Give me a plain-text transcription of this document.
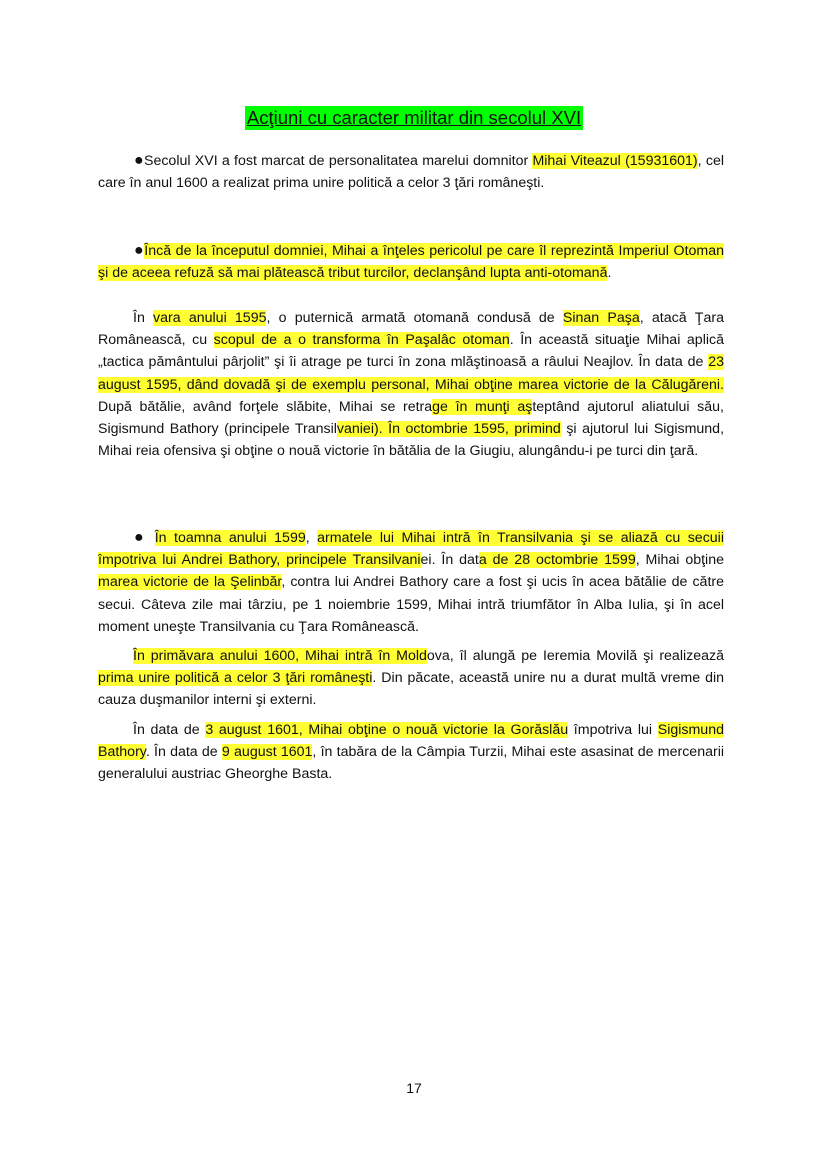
Acţiuni cu caracter militar din secolul XVI

●Secolul XVI a fost marcat de personalitatea marelui domnitor Mihai Viteazul (15931601), cel care în anul 1600 a realizat prima unire politică a celor 3 ţări româneşti.

●Încă de la începutul domniei, Mihai a înţeles pericolul pe care îl reprezintă Imperiul Otoman şi de aceea refuză să mai plătească tribut turcilor, declanşând lupta anti-otomană.

În vara anului 1595, o puternică armată otomană condusă de Sinan Paşa, atacă Ţara Românească, cu scopul de a o transforma în Paşalâc otoman. În această situaţie Mihai aplică „tactica pământului pârjolit” şi îi atrage pe turci în zona mlăştinoasă a râului Neajlov. În data de 23 august 1595, dând dovadă şi de exemplu personal, Mihai obţine marea victorie de la Călugăreni. După bătălie, având forţele slăbite, Mihai se retrage în munţi aşteptând ajutorul aliatului său, Sigismund Bathory (principele Transilvaniei). În octombrie 1595, primind şi ajutorul lui Sigismund, Mihai reia ofensiva şi obţine o nouă victorie în bătălia de la Giugiu, alungându-i pe turci din ţară.

● În toamna anului 1599, armatele lui Mihai intră în Transilvania şi se aliază cu secuii împotriva lui Andrei Bathory, principele Transilvaniei. În data de 28 octombrie 1599, Mihai obţine marea victorie de la Şelinbăr, contra lui Andrei Bathory care a fost şi ucis în acea bătălie de către secui. Câteva zile mai târziu, pe 1 noiembrie 1599, Mihai intră triumfător în Alba Iulia, şi în acel moment uneşte Transilvania cu Ţara Românească.

În primăvara anului 1600, Mihai intră în Moldova, îl alungă pe Ieremia Movilă şi realizează prima unire politică a celor 3 ţări româneşti. Din păcate, această unire nu a durat multă vreme din cauza duşmanilor interni şi externi.

În data de 3 august 1601, Mihai obţine o nouă victorie la Gorăslău împotriva lui Sigismund Bathory. În data de 9 august 1601, în tabăra de la Câmpia Turzii, Mihai este asasinat de mercenarii generalului austriac Gheorghe Basta.

17
